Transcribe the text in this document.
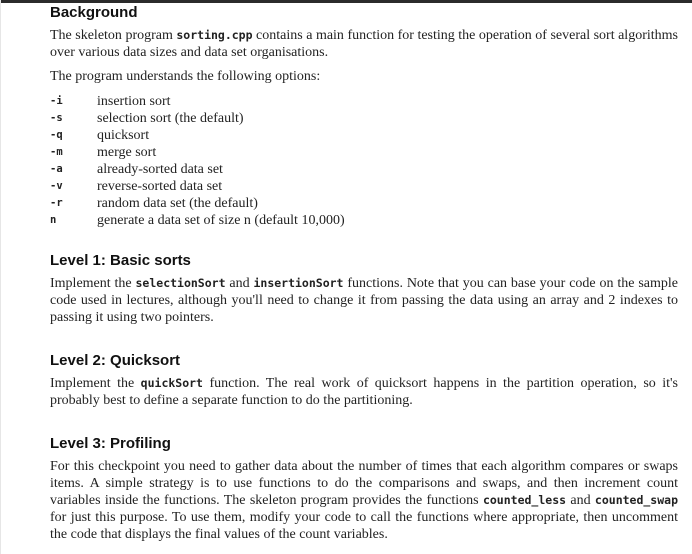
Background

The skeleton program sorting.cpp contains a main function for testing the operation of several sort algorithms over various data sizes and data set organisations.

The program understands the following options:

-i	insertion sort
-s	selection sort (the default)
-q	quicksort
-m	merge sort
-a	already-sorted data set
-v	reverse-sorted data set
-r	random data set (the default)
n	generate a data set of size n (default 10,000)
Level 1: Basic sorts

Implement the selectionSort and insertionSort functions. Note that you can base your code on the sample code used in lectures, although you'll need to change it from passing the data using an array and 2 indexes to passing it using two pointers.

Level 2: Quicksort

Implement the quickSort function. The real work of quicksort happens in the partition operation, so it's probably best to define a separate function to do the partitioning.

Level 3: Profiling

For this checkpoint you need to gather data about the number of times that each algorithm compares or swaps items. A simple strategy is to use functions to do the comparisons and swaps, and then increment count variables inside the functions. The skeleton program provides the functions counted_less and counted_swap for just this purpose. To use them, modify your code to call the functions where appropriate, then uncomment the code that displays the final values of the count variables.
